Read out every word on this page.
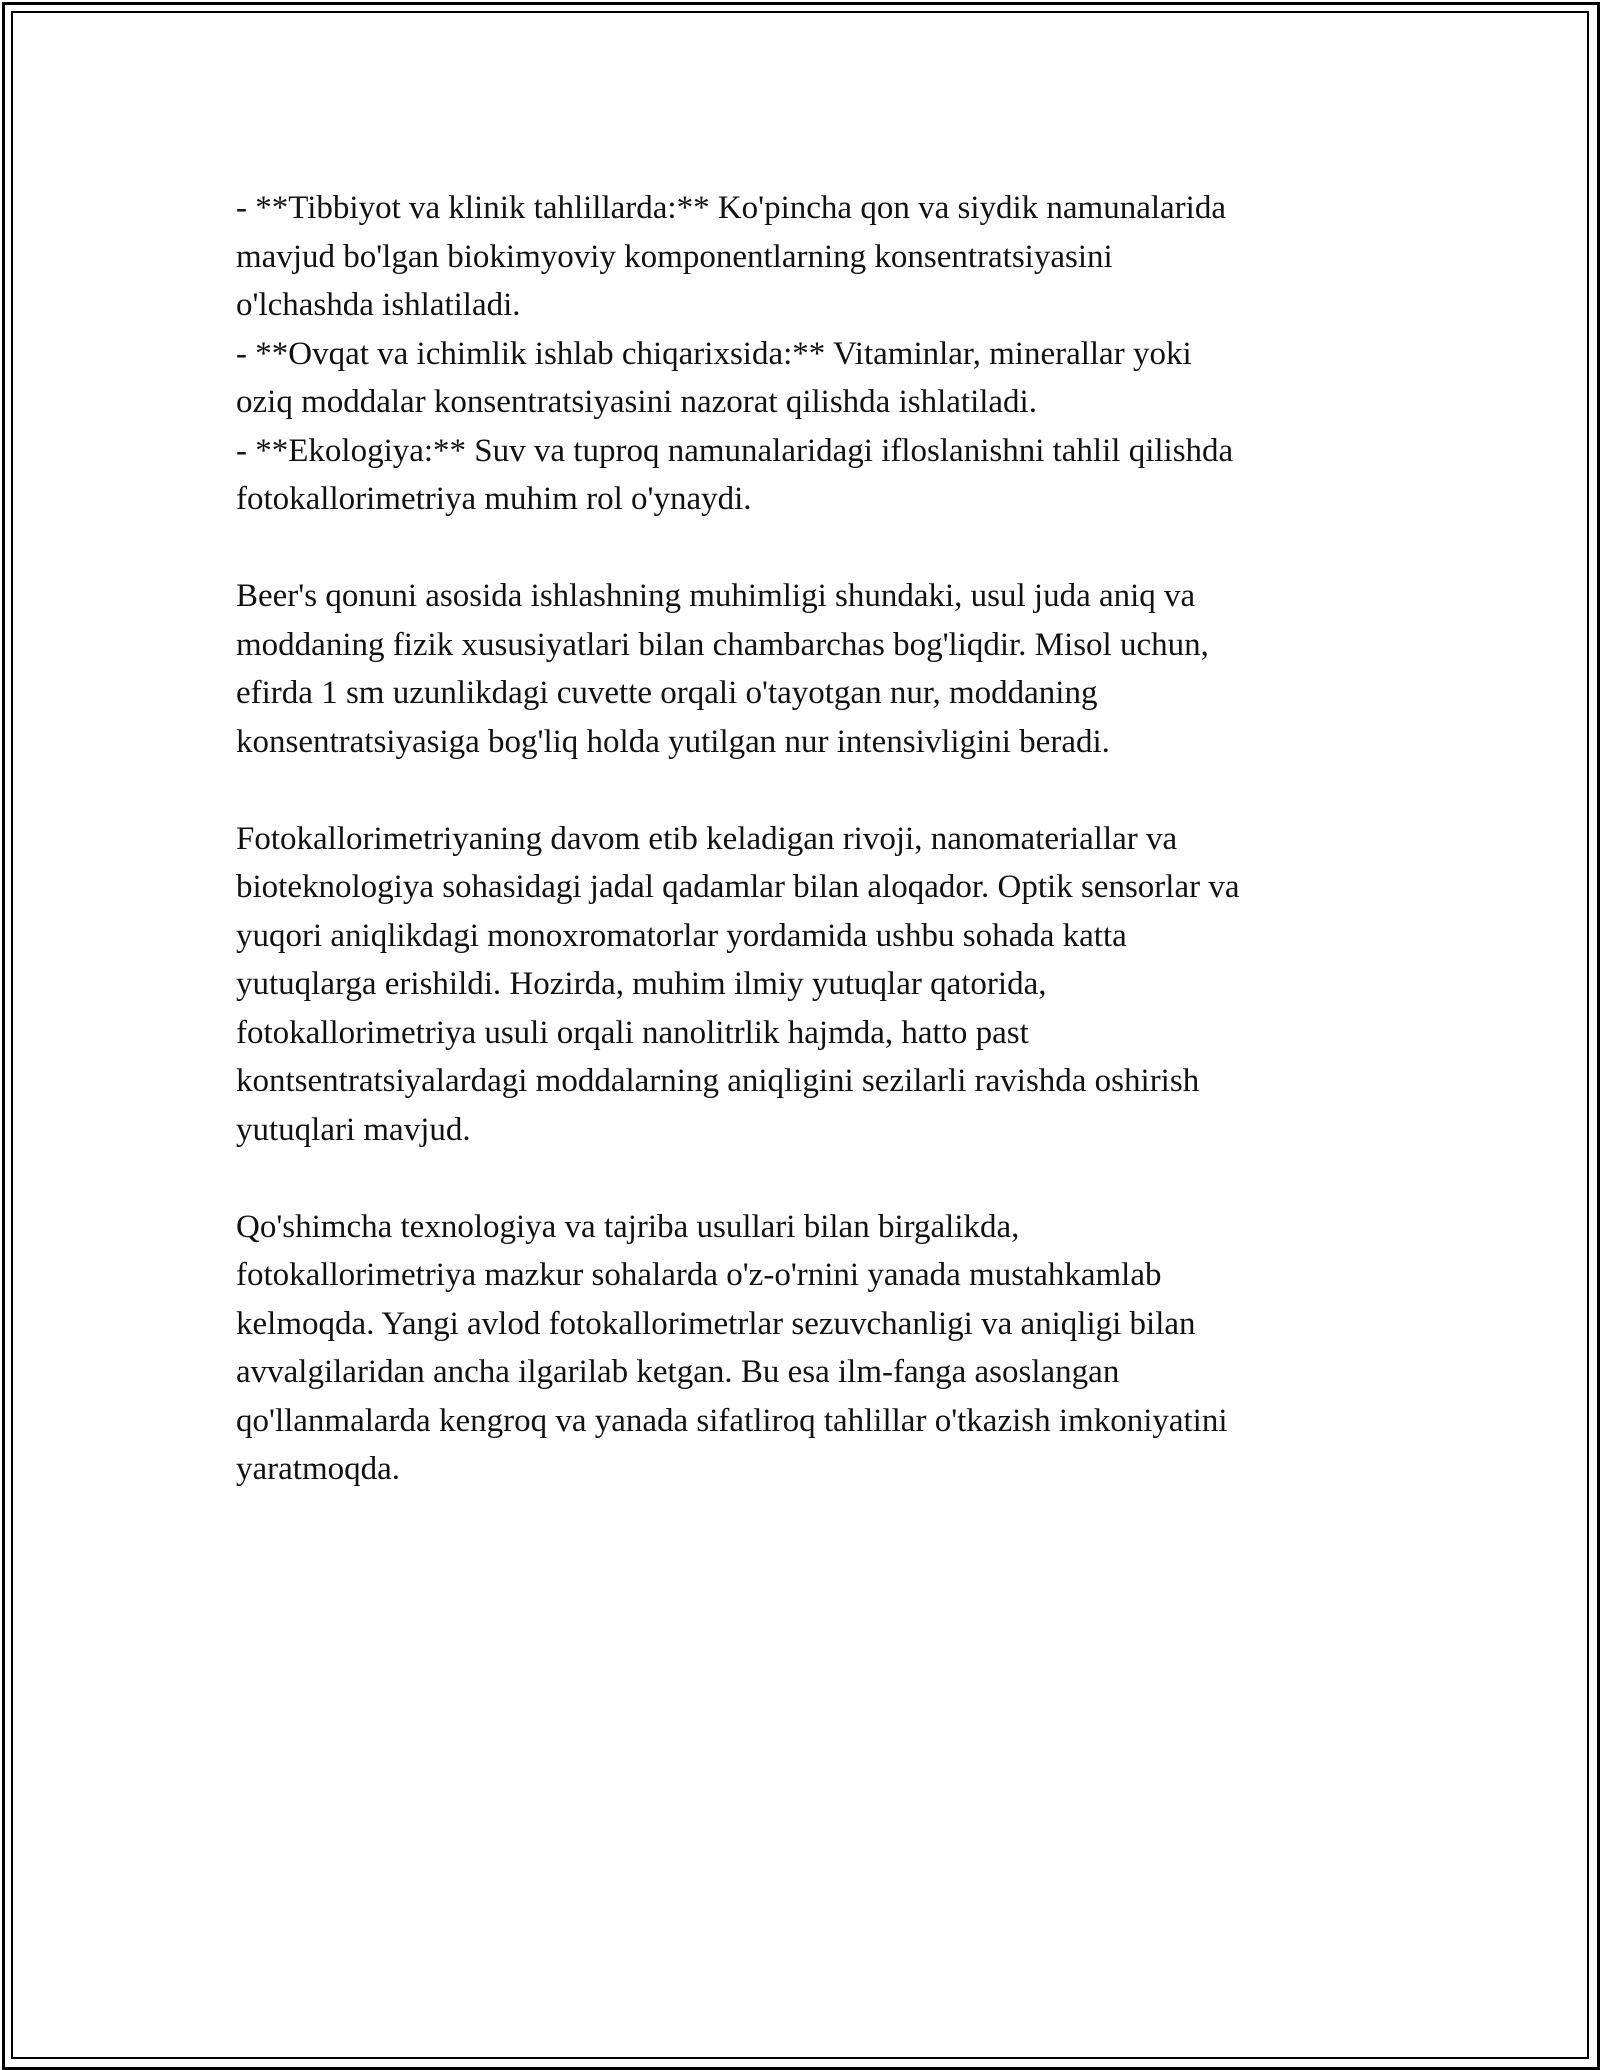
- **Tibbiyot va klinik tahlillarda:** Ko'pincha qon va siydik namunalarida
mavjud bo'lgan biokimyoviy komponentlarning konsentratsiyasini
o'lchashda ishlatiladi.
- **Ovqat va ichimlik ishlab chiqarixsida:** Vitaminlar, minerallar yoki
oziq moddalar konsentratsiyasini nazorat qilishda ishlatiladi.
- **Ekologiya:** Suv va tuproq namunalaridagi ifloslanishni tahlil qilishda
fotokallorimetriya muhim rol o'ynaydi.
Beer's qonuni asosida ishlashning muhimligi shundaki, usul juda aniq va
moddaning fizik xususiyatlari bilan chambarchas bog'liqdir. Misol uchun,
efirda 1 sm uzunlikdagi cuvette orqali o'tayotgan nur, moddaning
konsentratsiyasiga bog'liq holda yutilgan nur intensivligini beradi.
Fotokallorimetriyaning davom etib keladigan rivoji, nanomateriallar va
bioteknologiya sohasidagi jadal qadamlar bilan aloqador. Optik sensorlar va
yuqori aniqlikdagi monoxromatorlar yordamida ushbu sohada katta
yutuqlarga erishildi. Hozirda, muhim ilmiy yutuqlar qatorida,
fotokallorimetriya usuli orqali nanolitrlik hajmda, hatto past
kontsentratsiyalardagi moddalarning aniqligini sezilarli ravishda oshirish
yutuqlari mavjud.
Qo'shimcha texnologiya va tajriba usullari bilan birgalikda,
fotokallorimetriya mazkur sohalarda o'z-o'rnini yanada mustahkamlab
kelmoqda. Yangi avlod fotokallorimetrlar sezuvchanligi va aniqligi bilan
avvalgilaridan ancha ilgarilab ketgan. Bu esa ilm-fanga asoslangan
qo'llanmalarda kengroq va yanada sifatliroq tahlillar o'tkazish imkoniyatini
yaratmoqda.
